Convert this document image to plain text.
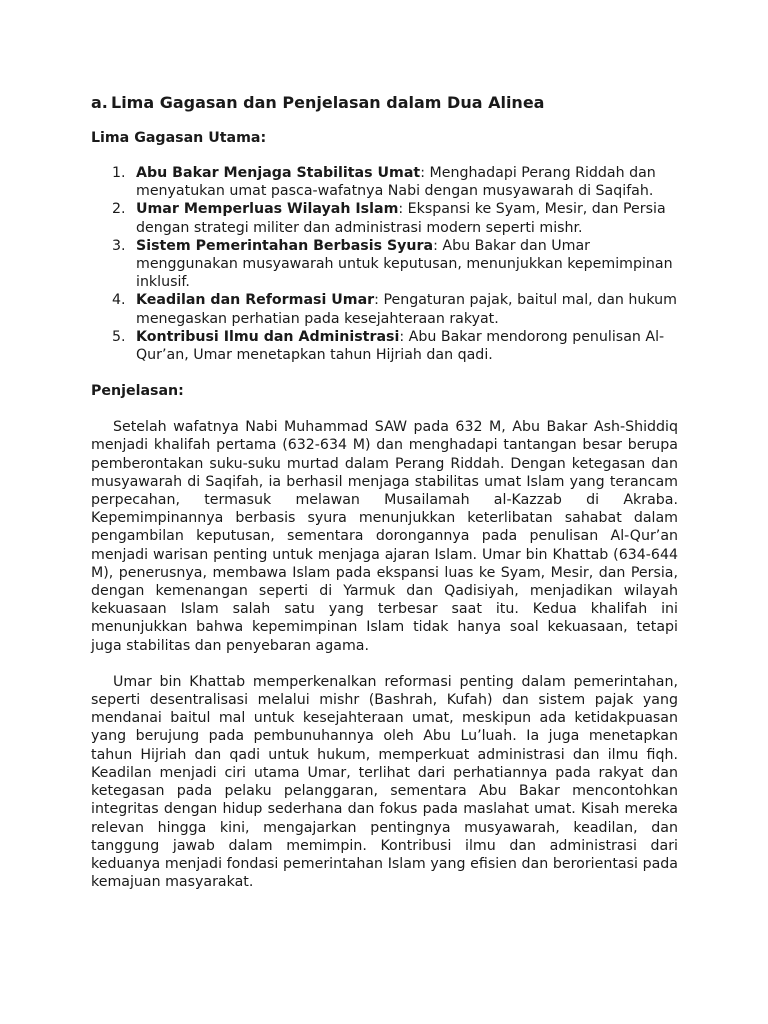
a. Lima Gagasan dan Penjelasan dalam Dua Alinea

Lima Gagasan Utama:

1. Abu Bakar Menjaga Stabilitas Umat: Menghadapi Perang Riddah dan menyatukan umat pasca-wafatnya Nabi dengan musyawarah di Saqifah.
2. Umar Memperluas Wilayah Islam: Ekspansi ke Syam, Mesir, dan Persia dengan strategi militer dan administrasi modern seperti mishr.
3. Sistem Pemerintahan Berbasis Syura: Abu Bakar dan Umar menggunakan musyawarah untuk keputusan, menunjukkan kepemimpinan inklusif.
4. Keadilan dan Reformasi Umar: Pengaturan pajak, baitul mal, dan hukum menegaskan perhatian pada kesejahteraan rakyat.
5. Kontribusi Ilmu dan Administrasi: Abu Bakar mendorong penulisan Al-Qur’an, Umar menetapkan tahun Hijriah dan qadi.

Penjelasan:

Setelah wafatnya Nabi Muhammad SAW pada 632 M, Abu Bakar Ash-Shiddiq menjadi khalifah pertama (632-634 M) dan menghadapi tantangan besar berupa pemberontakan suku-suku murtad dalam Perang Riddah. Dengan ketegasan dan musyawarah di Saqifah, ia berhasil menjaga stabilitas umat Islam yang terancam perpecahan, termasuk melawan Musailamah al-Kazzab di Akraba. Kepemimpinannya berbasis syura menunjukkan keterlibatan sahabat dalam pengambilan keputusan, sementara dorongannya pada penulisan Al-Qur’an menjadi warisan penting untuk menjaga ajaran Islam. Umar bin Khattab (634-644 M), penerusnya, membawa Islam pada ekspansi luas ke Syam, Mesir, dan Persia, dengan kemenangan seperti di Yarmuk dan Qadisiyah, menjadikan wilayah kekuasaan Islam salah satu yang terbesar saat itu. Kedua khalifah ini menunjukkan bahwa kepemimpinan Islam tidak hanya soal kekuasaan, tetapi juga stabilitas dan penyebaran agama.

Umar bin Khattab memperkenalkan reformasi penting dalam pemerintahan, seperti desentralisasi melalui mishr (Bashrah, Kufah) dan sistem pajak yang mendanai baitul mal untuk kesejahteraan umat, meskipun ada ketidakpuasan yang berujung pada pembunuhannya oleh Abu Lu’luah. Ia juga menetapkan tahun Hijriah dan qadi untuk hukum, memperkuat administrasi dan ilmu fiqh. Keadilan menjadi ciri utama Umar, terlihat dari perhatiannya pada rakyat dan ketegasan pada pelaku pelanggaran, sementara Abu Bakar mencontohkan integritas dengan hidup sederhana dan fokus pada maslahat umat. Kisah mereka relevan hingga kini, mengajarkan pentingnya musyawarah, keadilan, dan tanggung jawab dalam memimpin. Kontribusi ilmu dan administrasi dari keduanya menjadi fondasi pemerintahan Islam yang efisien dan berorientasi pada kemajuan masyarakat.
